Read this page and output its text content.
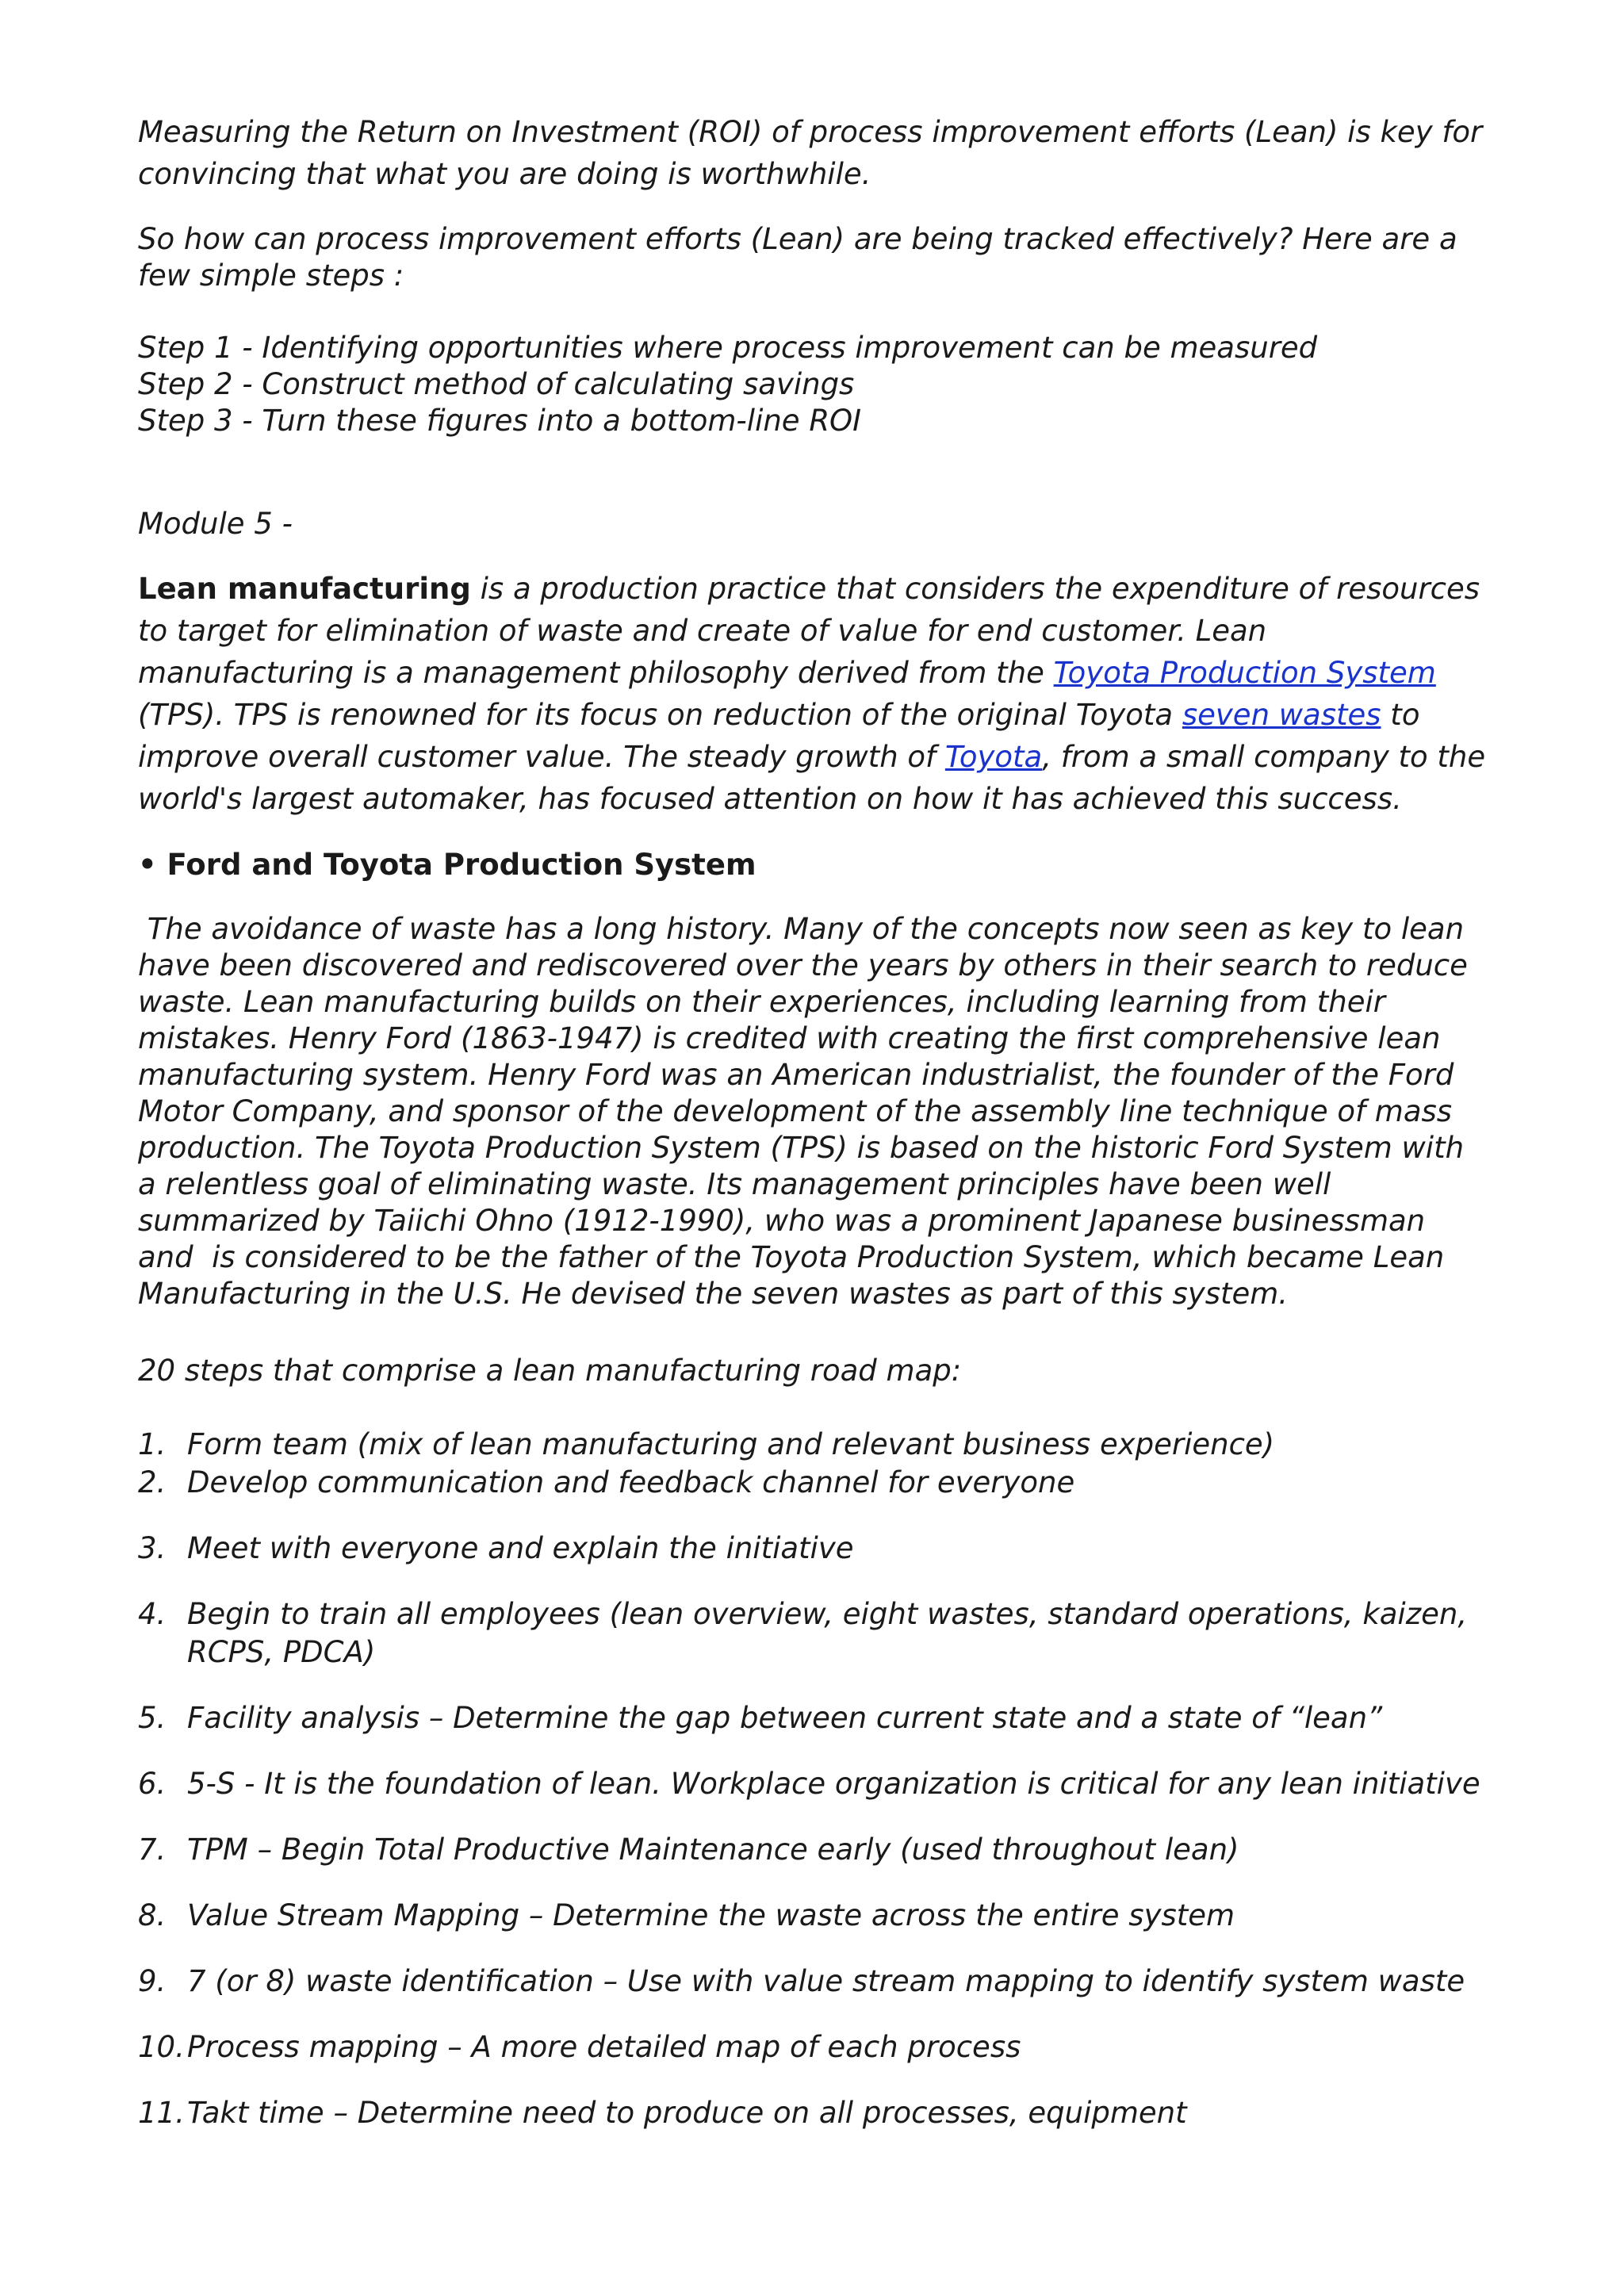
Measuring the Return on Investment (ROI) of process improvement efforts (Lean) is key for convincing that what you are doing is worthwhile.

So how can process improvement efforts (Lean) are being tracked effectively? Here are a few simple steps :

Step 1 - Identifying opportunities where process improvement can be measured

Step 2 - Construct method of calculating savings

Step 3 - Turn these figures into a bottom-line ROI

Module 5 -

Lean manufacturing is a production practice that considers the expenditure of resources to target for elimination of waste and create of value for end customer. Lean manufacturing is a management philosophy derived from the Toyota Production System (TPS). TPS is renowned for its focus on reduction of the original Toyota seven wastes to improve overall customer value. The steady growth of Toyota, from a small company to the world's largest automaker, has focused attention on how it has achieved this success.

• Ford and Toyota Production System

The avoidance of waste has a long history. Many of the concepts now seen as key to lean have been discovered and rediscovered over the years by others in their search to reduce waste. Lean manufacturing builds on their experiences, including learning from their mistakes. Henry Ford (1863-1947) is credited with creating the first comprehensive lean manufacturing system. Henry Ford was an American industrialist, the founder of the Ford Motor Company, and sponsor of the development of the assembly line technique of mass production. The Toyota Production System (TPS) is based on the historic Ford System with a relentless goal of eliminating waste. Its management principles have been well summarized by Taiichi Ohno (1912-1990), who was a prominent Japanese businessman and  is considered to be the father of the Toyota Production System, which became Lean Manufacturing in the U.S. He devised the seven wastes as part of this system.

20 steps that comprise a lean manufacturing road map:

1. Form team (mix of lean manufacturing and relevant business experience)
2. Develop communication and feedback channel for everyone
3. Meet with everyone and explain the initiative
4. Begin to train all employees (lean overview, eight wastes, standard operations, kaizen, RCPS, PDCA)
5. Facility analysis – Determine the gap between current state and a state of “lean”
6. 5-S - It is the foundation of lean. Workplace organization is critical for any lean initiative
7. TPM – Begin Total Productive Maintenance early (used throughout lean)
8. Value Stream Mapping – Determine the waste across the entire system
9. 7 (or 8) waste identification – Use with value stream mapping to identify system waste
10. Process mapping – A more detailed map of each process
11. Takt time – Determine need to produce on all processes, equipment
